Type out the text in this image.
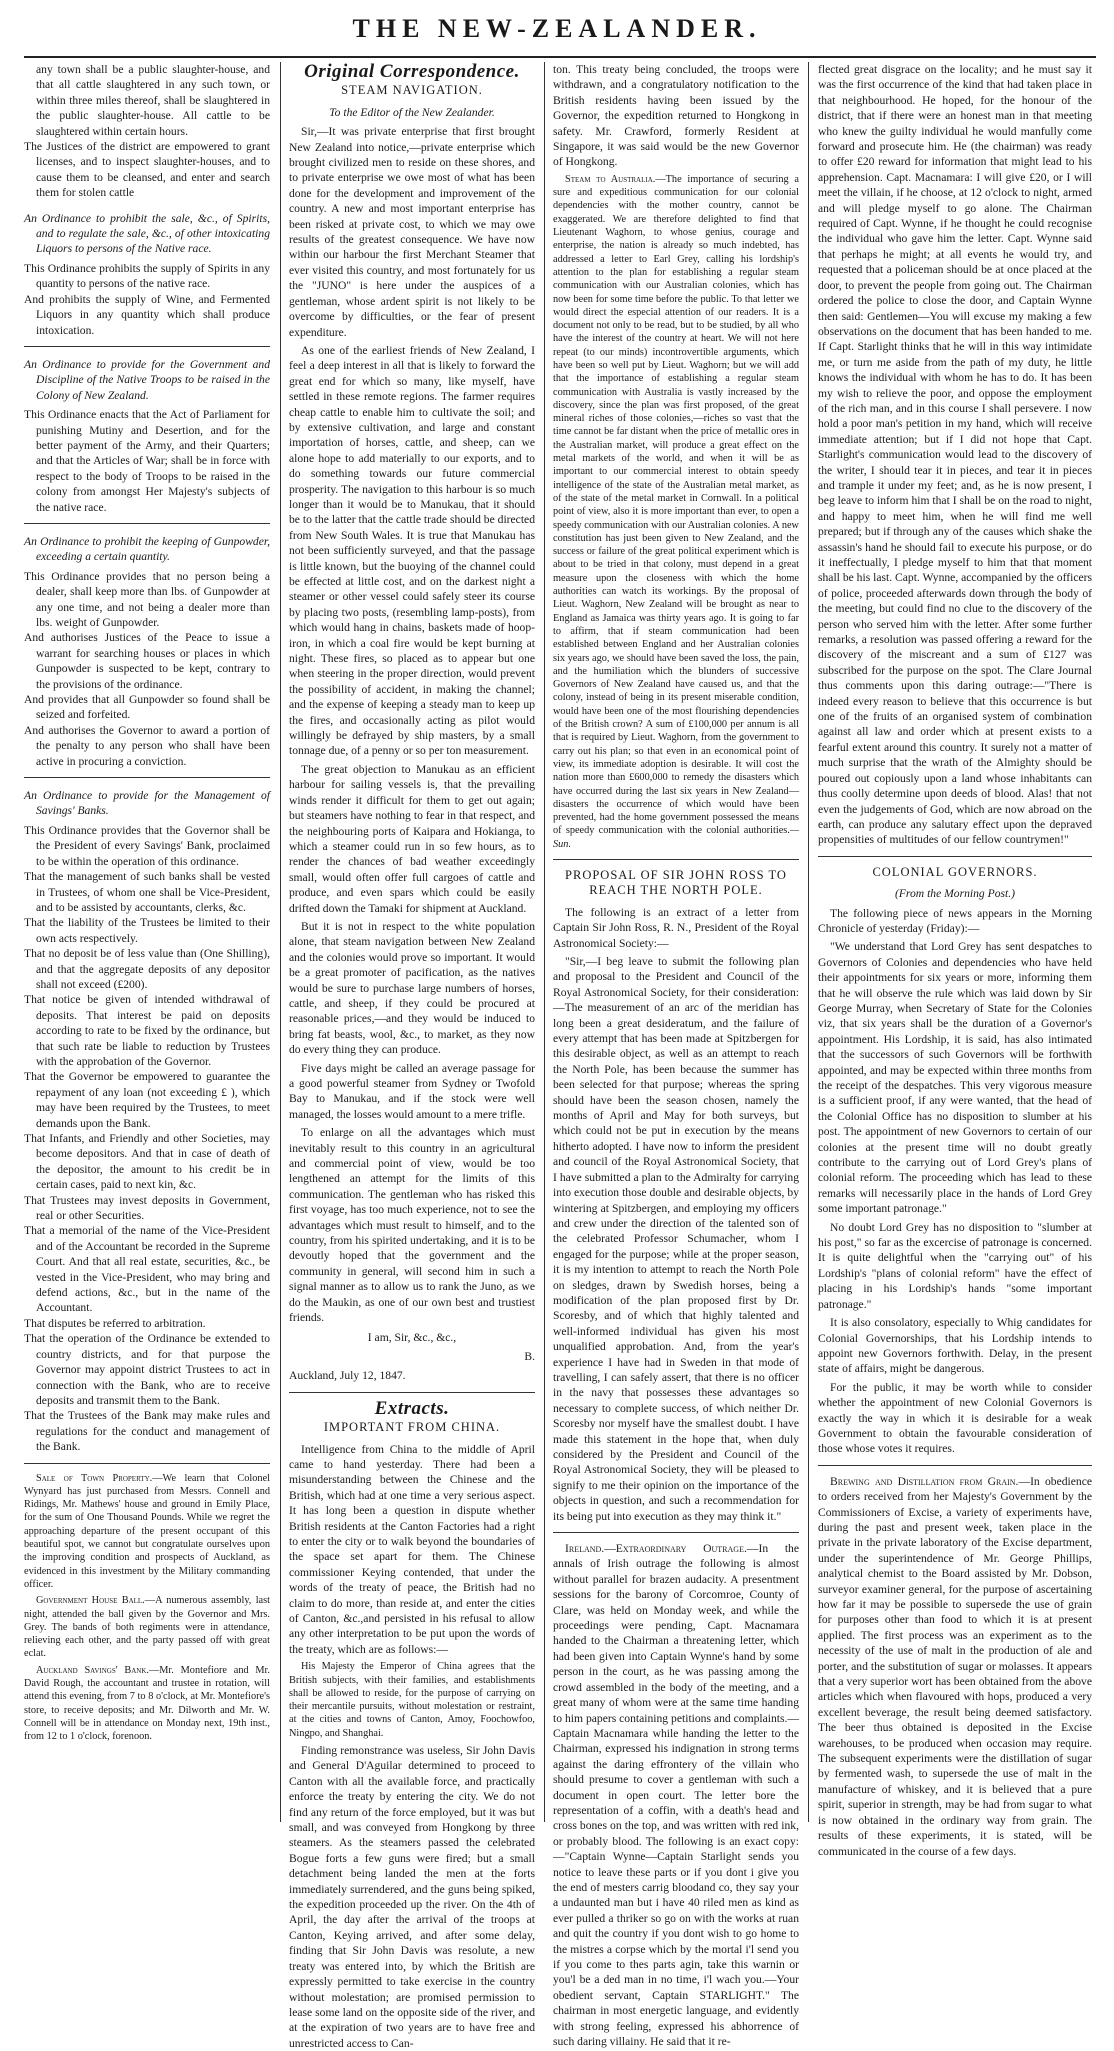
THE NEW-ZEALANDER.

any town shall be a public slaughter-house, and that all cattle slaughtered in any such town, or within three miles thereof, shall be slaughtered in the public slaughter-house. All cattle to be slaughtered within certain hours.

The Justices of the district are empowered to grant licenses, and to inspect slaughter-houses, and to cause them to be cleansed, and enter and search them for stolen cattle

An Ordinance to prohibit the sale, &c., of Spirits, and to regulate the sale, &c., of other intoxicating Liquors to persons of the Native race.

This Ordinance prohibits the supply of Spirits in any quantity to persons of the native race.

And prohibits the supply of Wine, and Fermented Liquors in any quantity which shall produce intoxication.

An Ordinance to provide for the Government and Discipline of the Native Troops to be raised in the Colony of New Zealand.

This Ordinance enacts that the Act of Parliament for punishing Mutiny and Desertion, and for the better payment of the Army, and their Quarters; and that the Articles of War; shall be in force with respect to the body of Troops to be raised in the colony from amongst Her Majesty's subjects of the native race.

An Ordinance to prohibit the keeping of Gunpowder, exceeding a certain quantity.

This Ordinance provides that no person being a dealer, shall keep more than lbs. of Gunpowder at any one time, and not being a dealer more than lbs. weight of Gunpowder.

And authorises Justices of the Peace to issue a warrant for searching houses or places in which Gunpowder is suspected to be kept, contrary to the provisions of the ordinance.

And provides that all Gunpowder so found shall be seized and forfeited.

And authorises the Governor to award a portion of the penalty to any person who shall have been active in procuring a conviction.

An Ordinance to provide for the Management of Savings' Banks.

This Ordinance provides that the Governor shall be the President of every Savings' Bank, proclaimed to be within the operation of this ordinance.

That the management of such banks shall be vested in Trustees, of whom one shall be Vice-President, and to be assisted by accountants, clerks, &c.

That the liability of the Trustees be limited to their own acts respectively.

That no deposit be of less value than (One Shilling), and that the aggregate deposits of any depositor shall not exceed (£200).

That notice be given of intended withdrawal of deposits. That interest be paid on deposits according to rate to be fixed by the ordinance, but that such rate be liable to reduction by Trustees with the approbation of the Governor.

That the Governor be empowered to guarantee the repayment of any loan (not exceeding £ ), which may have been required by the Trustees, to meet demands upon the Bank.

That Infants, and Friendly and other Societies, may become depositors. And that in case of death of the depositor, the amount to his credit be in certain cases, paid to next kin, &c.

That Trustees may invest deposits in Government, real or other Securities.

That a memorial of the name of the Vice-President and of the Accountant be recorded in the Supreme Court. And that all real estate, securities, &c., be vested in the Vice-President, who may bring and defend actions, &c., but in the name of the Accountant.

That disputes be referred to arbitration.

That the operation of the Ordinance be extended to country districts, and for that purpose the Governor may appoint district Trustees to act in connection with the Bank, who are to receive deposits and transmit them to the Bank.

That the Trustees of the Bank may make rules and regulations for the conduct and management of the Bank.

Sale of Town Property.—We learn that Colonel Wynyard has just purchased from Messrs. Connell and Ridings, Mr. Mathews' house and ground in Emily Place, for the sum of One Thousand Pounds. While we regret the approaching departure of the present occupant of this beautiful spot, we cannot but congratulate ourselves upon the improving condition and prospects of Auckland, as evidenced in this investment by the Military commanding officer.

Government House Ball.—A numerous assembly, last night, attended the ball given by the Governor and Mrs. Grey. The bands of both regiments were in attendance, relieving each other, and the party passed off with great eclat.

Auckland Savings' Bank.—Mr. Montefiore and Mr. David Rough, the accountant and trustee in rotation, will attend this evening, from 7 to 8 o'clock, at Mr. Montefiore's store, to receive deposits; and Mr. Dilworth and Mr. W. Connell will be in attendance on Monday next, 19th inst., from 12 to 1 o'clock, forenoon.

Original Correspondence.
STEAM NAVIGATION.

To the Editor of the New Zealander.

Sir,—It was private enterprise that first brought New Zealand into notice,—private enterprise which brought civilized men to reside on these shores, and to private enterprise we owe most of what has been done for the development and improvement of the country. A new and most important enterprise has been risked at private cost, to which we may owe results of the greatest consequence. We have now within our harbour the first Merchant Steamer that ever visited this country, and most fortunately for us the "JUNO" is here under the auspices of a gentleman, whose ardent spirit is not likely to be overcome by difficulties, or the fear of present expenditure.

As one of the earliest friends of New Zealand, I feel a deep interest in all that is likely to forward the great end for which so many, like myself, have settled in these remote regions. The farmer requires cheap cattle to enable him to cultivate the soil; and by extensive cultivation, and large and constant importation of horses, cattle, and sheep, can we alone hope to add materially to our exports, and to do something towards our future commercial prosperity. The navigation to this harbour is so much longer than it would be to Manukau, that it should be to the latter that the cattle trade should be directed from New South Wales. It is true that Manukau has not been sufficiently surveyed, and that the passage is little known, but the buoying of the channel could be effected at little cost, and on the darkest night a steamer or other vessel could safely steer its course by placing two posts, (resembling lamp-posts), from which would hang in chains, baskets made of hoop-iron, in which a coal fire would be kept burning at night. These fires, so placed as to appear but one when steering in the proper direction, would prevent the possibility of accident, in making the channel; and the expense of keeping a steady man to keep up the fires, and occasionally acting as pilot would willingly be defrayed by ship masters, by a small tonnage due, of a penny or so per ton measurement.

The great objection to Manukau as an efficient harbour for sailing vessels is, that the prevailing winds render it difficult for them to get out again; but steamers have nothing to fear in that respect, and the neighbouring ports of Kaipara and Hokianga, to which a steamer could run in so few hours, as to render the chances of bad weather exceedingly small, would often offer full cargoes of cattle and produce, and even spars which could be easily drifted down the Tamaki for shipment at Auckland.

But it is not in respect to the white population alone, that steam navigation between New Zealand and the colonies would prove so important. It would be a great promoter of pacification, as the natives would be sure to purchase large numbers of horses, cattle, and sheep, if they could be procured at reasonable prices,—and they would be induced to bring fat beasts, wool, &c., to market, as they now do every thing they can produce.

Five days might be called an average passage for a good powerful steamer from Sydney or Twofold Bay to Manukau, and if the stock were well managed, the losses would amount to a mere trifle.

To enlarge on all the advantages which must inevitably result to this country in an agricultural and commercial point of view, would be too lengthened an attempt for the limits of this communication. The gentleman who has risked this first voyage, has too much experience, not to see the advantages which must result to himself, and to the country, from his spirited undertaking, and it is to be devoutly hoped that the government and the community in general, will second him in such a signal manner as to allow us to rank the Juno, as we do the Maukin, as one of our own best and trustiest friends.

I am, Sir, &c., &c.,

B.

Auckland, July 12, 1847.

Extracts.
IMPORTANT FROM CHINA.

Intelligence from China to the middle of April came to hand yesterday. There had been a misunderstanding between the Chinese and the British, which had at one time a very serious aspect. It has long been a question in dispute whether British residents at the Canton Factories had a right to enter the city or to walk beyond the boundaries of the space set apart for them. The Chinese commissioner Keying contended, that under the words of the treaty of peace, the British had no claim to do more, than reside at, and enter the cities of Canton, &c.,and persisted in his refusal to allow any other interpretation to be put upon the words of the treaty, which are as follows:—

His Majesty the Emperor of China agrees that the British subjects, with their families, and establishments shall be allowed to reside, for the purpose of carrying on their mercantile pursuits, without molestation or restraint, at the cities and towns of Canton, Amoy, Foochowfoo, Ningpo, and Shanghai.

Finding remonstrance was useless, Sir John Davis and General D'Aguilar determined to proceed to Canton with all the available force, and practically enforce the treaty by entering the city. We do not find any return of the force employed, but it was but small, and was conveyed from Hongkong by three steamers. As the steamers passed the celebrated Bogue forts a few guns were fired; but a small detachment being landed the men at the forts immediately surrendered, and the guns being spiked, the expedition proceeded up the river. On the 4th of April, the day after the arrival of the troops at Canton, Keying arrived, and after some delay, finding that Sir John Davis was resolute, a new treaty was entered into, by which the British are expressly permitted to take exercise in the country without molestation; are promised permission to lease some land on the opposite side of the river, and at the expiration of two years are to have free and unrestricted access to Can-

ton. This treaty being concluded, the troops were withdrawn, and a congratulatory notification to the British residents having been issued by the Governor, the expedition returned to Hongkong in safety. Mr. Crawford, formerly Resident at Singapore, it was said would be the new Governor of Hongkong.

Steam to Australia.—The importance of securing a sure and expeditious communication for our colonial dependencies with the mother country, cannot be exaggerated. We are therefore delighted to find that Lieutenant Waghorn, to whose genius, courage and enterprise, the nation is already so much indebted, has addressed a letter to Earl Grey, calling his lordship's attention to the plan for establishing a regular steam communication with our Australian colonies, which has now been for some time before the public. To that letter we would direct the especial attention of our readers. It is a document not only to be read, but to be studied, by all who have the interest of the country at heart. We will not here repeat (to our minds) incontrovertible arguments, which have been so well put by Lieut. Waghorn; but we will add that the importance of establishing a regular steam communication with Australia is vastly increased by the discovery, since the plan was first proposed, of the great mineral riches of those colonies,—riches so vast that the time cannot be far distant when the price of metallic ores in the Australian market, will produce a great effect on the metal markets of the world, and when it will be as important to our commercial interest to obtain speedy intelligence of the state of the Australian metal market, as of the state of the metal market in Cornwall. In a political point of view, also it is more important than ever, to open a speedy communication with our Australian colonies. A new constitution has just been given to New Zealand, and the success or failure of the great political experiment which is about to be tried in that colony, must depend in a great measure upon the closeness with which the home authorities can watch its workings. By the proposal of Lieut. Waghorn, New Zealand will be brought as near to England as Jamaica was thirty years ago. It is going to far to affirm, that if steam communication had been established between England and her Australian colonies six years ago, we should have been saved the loss, the pain, and the humiliation which the blunders of successive Governors of New Zealand have caused us, and that the colony, instead of being in its present miserable condition, would have been one of the most flourishing dependencies of the British crown? A sum of £100,000 per annum is all that is required by Lieut. Waghorn, from the government to carry out his plan; so that even in an economical point of view, its immediate adoption is desirable. It will cost the nation more than £600,000 to remedy the disasters which have occurred during the last six years in New Zealand—disasters the occurrence of which would have been prevented, had the home government possessed the means of speedy communication with the colonial authorities.—Sun.

PROPOSAL OF SIR JOHN ROSS TO REACH THE NORTH POLE.

The following is an extract of a letter from Captain Sir John Ross, R. N., President of the Royal Astronomical Society:—

"Sir,—I beg leave to submit the following plan and proposal to the President and Council of the Royal Astronomical Society, for their consideration:—The measurement of an arc of the meridian has long been a great desideratum, and the failure of every attempt that has been made at Spitzbergen for this desirable object, as well as an attempt to reach the North Pole, has been because the summer has been selected for that purpose; whereas the spring should have been the season chosen, namely the months of April and May for both surveys, but which could not be put in execution by the means hitherto adopted. I have now to inform the president and council of the Royal Astronomical Society, that I have submitted a plan to the Admiralty for carrying into execution those double and desirable objects, by wintering at Spitzbergen, and employing my officers and crew under the direction of the talented son of the celebrated Professor Schumacher, whom I engaged for the purpose; while at the proper season, it is my intention to attempt to reach the North Pole on sledges, drawn by Swedish horses, being a modification of the plan proposed first by Dr. Scoresby, and of which that highly talented and well-informed individual has given his most unqualified approbation. And, from the year's experience I have had in Sweden in that mode of travelling, I can safely assert, that there is no officer in the navy that possesses these advantages so necessary to complete success, of which neither Dr. Scoresby nor myself have the smallest doubt. I have made this statement in the hope that, when duly considered by the President and Council of the Royal Astronomical Society, they will be pleased to signify to me their opinion on the importance of the objects in question, and such a recommendation for its being put into execution as they may think it."

Ireland.—Extraordinary Outrage.—In the annals of Irish outrage the following is almost without parallel for brazen audacity. A presentment sessions for the barony of Corcomroe, County of Clare, was held on Monday week, and while the proceedings were pending, Capt. Macnamara handed to the Chairman a threatening letter, which had been given into Captain Wynne's hand by some person in the court, as he was passing among the crowd assembled in the body of the meeting, and a great many of whom were at the same time handing to him papers containing petitions and complaints.—Captain Macnamara while handing the letter to the Chairman, expressed his indignation in strong terms against the daring effrontery of the villain who should presume to cover a gentleman with such a document in open court. The letter bore the representation of a coffin, with a death's head and cross bones on the top, and was written with red ink, or probably blood. The following is an exact copy:—"Captain Wynne—Captain Starlight sends you notice to leave these parts or if you dont i give you the end of mesters carrig bloodand co, they say your a undaunted man but i have 40 riled men as kind as ever pulled a thriker so go on with the works at ruan and quit the country if you dont wish to go home to the mistres a corpse which by the mortal i'l send you if you come to thes parts agin, take this warnin or you'l be a ded man in no time, i'l wach you.—Your obedient servant, Captain STARLIGHT." The chairman in most energetic language, and evidently with strong feeling, expressed his abhorrence of such daring villainy. He said that it re-

flected great disgrace on the locality; and he must say it was the first occurrence of the kind that had taken place in that neighbourhood. He hoped, for the honour of the district, that if there were an honest man in that meeting who knew the guilty individual he would manfully come forward and prosecute him. He (the chairman) was ready to offer £20 reward for information that might lead to his apprehension. Capt. Macnamara: I will give £20, or I will meet the villain, if he choose, at 12 o'clock to night, armed and will pledge myself to go alone. The Chairman required of Capt. Wynne, if he thought he could recognise the individual who gave him the letter. Capt. Wynne said that perhaps he might; at all events he would try, and requested that a policeman should be at once placed at the door, to prevent the people from going out. The Chairman ordered the police to close the door, and Captain Wynne then said: Gentlemen—You will excuse my making a few observations on the document that has been handed to me. If Capt. Starlight thinks that he will in this way intimidate me, or turn me aside from the path of my duty, he little knows the individual with whom he has to do. It has been my wish to relieve the poor, and oppose the employment of the rich man, and in this course I shall persevere. I now hold a poor man's petition in my hand, which will receive immediate attention; but if I did not hope that Capt. Starlight's communication would lead to the discovery of the writer, I should tear it in pieces, and tear it in pieces and trample it under my feet; and, as he is now present, I beg leave to inform him that I shall be on the road to night, and happy to meet him, when he will find me well prepared; but if through any of the causes which shake the assassin's hand he should fail to execute his purpose, or do it ineffectually, I pledge myself to him that that moment shall be his last. Capt. Wynne, accompanied by the officers of police, proceeded afterwards down through the body of the meeting, but could find no clue to the discovery of the person who served him with the letter. After some further remarks, a resolution was passed offering a reward for the discovery of the miscreant and a sum of £127 was subscribed for the purpose on the spot. The Clare Journal thus comments upon this daring outrage:—"There is indeed every reason to believe that this occurrence is but one of the fruits of an organised system of combination against all law and order which at present exists to a fearful extent around this country. It surely not a matter of much surprise that the wrath of the Almighty should be poured out copiously upon a land whose inhabitants can thus coolly determine upon deeds of blood. Alas! that not even the judgements of God, which are now abroad on the earth, can produce any salutary effect upon the depraved propensities of multitudes of our fellow countrymen!"

COLONIAL GOVERNORS.

(From the Morning Post.)

The following piece of news appears in the Morning Chronicle of yesterday (Friday):—

"We understand that Lord Grey has sent despatches to Governors of Colonies and dependencies who have held their appointments for six years or more, informing them that he will observe the rule which was laid down by Sir George Murray, when Secretary of State for the Colonies viz, that six years shall be the duration of a Governor's appointment. His Lordship, it is said, has also intimated that the successors of such Governors will be forthwith appointed, and may be expected within three months from the receipt of the despatches. This very vigorous measure is a sufficient proof, if any were wanted, that the head of the Colonial Office has no disposition to slumber at his post. The appointment of new Governors to certain of our colonies at the present time will no doubt greatly contribute to the carrying out of Lord Grey's plans of colonial reform. The proceeding which has lead to these remarks will necessarily place in the hands of Lord Grey some important patronage."

No doubt Lord Grey has no disposition to "slumber at his post," so far as the excercise of patronage is concerned. It is quite delightful when the "carrying out" of his Lordship's "plans of colonial reform" have the effect of placing in his Lordship's hands "some important patronage."

It is also consolatory, especially to Whig candidates for Colonial Governorships, that his Lordship intends to appoint new Governors forthwith. Delay, in the present state of affairs, might be dangerous.

For the public, it may be worth while to consider whether the appointment of new Colonial Governors is exactly the way in which it is desirable for a weak Government to obtain the favourable consideration of those whose votes it requires.

Brewing and Distillation from Grain.—In obedience to orders received from her Majesty's Government by the Commissioners of Excise, a variety of experiments have, during the past and present week, taken place in the private in the private laboratory of the Excise department, under the superintendence of Mr. George Phillips, analytical chemist to the Board assisted by Mr. Dobson, surveyor examiner general, for the purpose of ascertaining how far it may be possible to supersede the use of grain for purposes other than food to which it is at present applied. The first process was an experiment as to the necessity of the use of malt in the production of ale and porter, and the substitution of sugar or molasses. It appears that a very superior wort has been obtained from the above articles which when flavoured with hops, produced a very excellent beverage, the result being deemed satisfactory. The beer thus obtained is deposited in the Excise warehouses, to be produced when occasion may require. The subsequent experiments were the distillation of sugar by fermented wash, to supersede the use of malt in the manufacture of whiskey, and it is believed that a pure spirit, superior in strength, may be had from sugar to what is now obtained in the ordinary way from grain. The results of these experiments, it is stated, will be communicated in the course of a few days.
